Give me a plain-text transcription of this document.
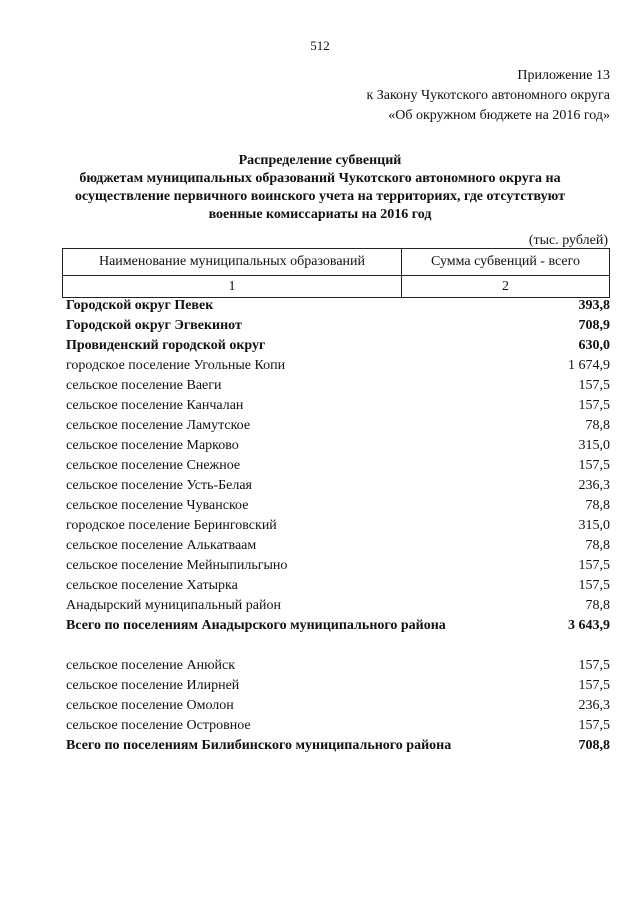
512
Приложение 13
к Закону Чукотского автономного округа
«Об окружном бюджете на 2016 год»
Распределение субвенций
бюджетам муниципальных образований Чукотского автономного округа на
осуществление первичного воинского учета на территориях, где отсутствуют
военные комиссариаты на 2016 год
(тыс. рублей)
Наименование муниципальных образований	Сумма субвенций - всего
1	2
Городской округ Певек	393,8
Городской округ Эгвекинот	708,9
Провиденский городской округ	630,0
городское поселение Угольные Копи	1 674,9
сельское поселение Ваеги	157,5
сельское поселение Канчалан	157,5
сельское поселение Ламутское	78,8
сельское поселение Марково	315,0
сельское поселение Снежное	157,5
сельское поселение Усть-Белая	236,3
сельское поселение Чуванское	78,8
городское поселение Беринговский	315,0
сельское поселение Алькатваам	78,8
сельское поселение Мейныпильгыно	157,5
сельское поселение Хатырка	157,5
Анадырский муниципальный район	78,8
Всего по поселениям Анадырского муниципального района	3 643,9
сельское поселение Анюйск	157,5
сельское поселение Илирней	157,5
сельское поселение Омолон	236,3
сельское поселение Островное	157,5
Всего по поселениям Билибинского муниципального района	708,8
